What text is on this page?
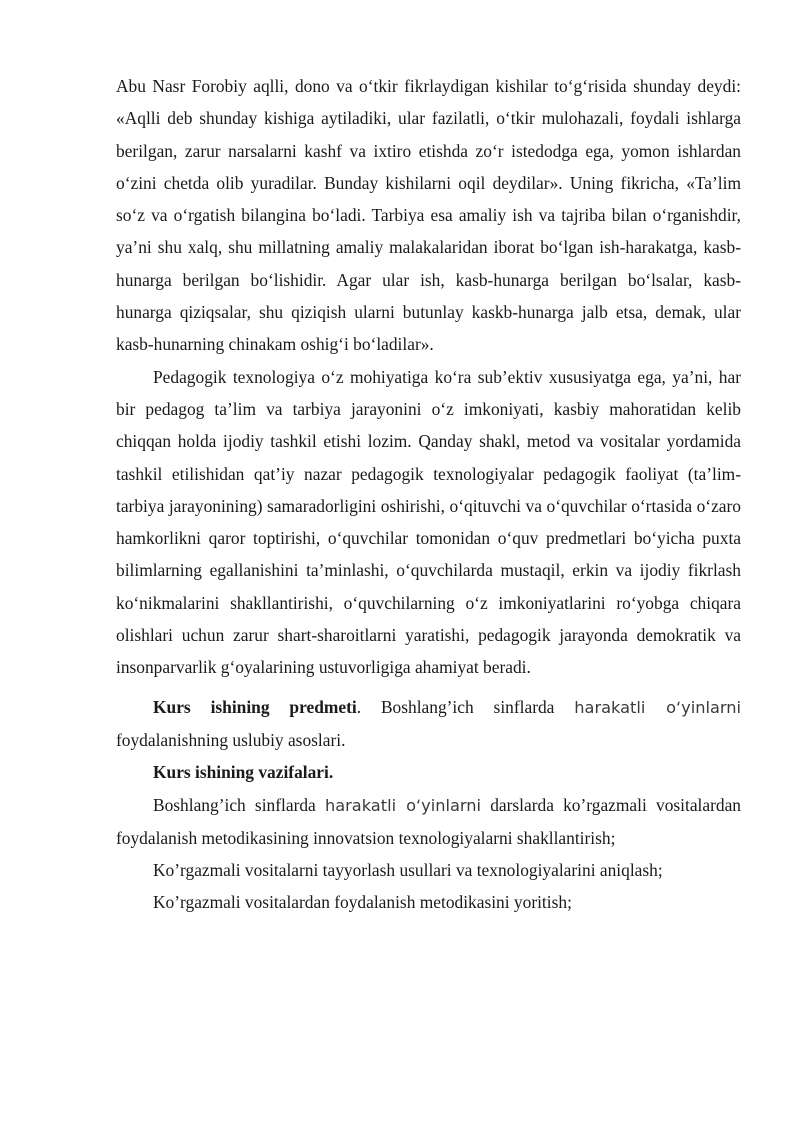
Abu Nasr Forobiy aqlli, dono va o‘tkir fikrlaydigan kishilar to‘g‘risida shunday deydi: «Aqlli deb shunday kishiga aytiladiki, ular fazilatli, o‘tkir mulohazali, foydali ishlarga berilgan, zarur narsalarni kashf va ixtiro etishda zo‘r istedodga ega, yomon ishlardan o‘zini chetda olib yuradilar. Bunday kishilarni oqil deydilar». Uning fikricha, «Ta’lim so‘z va o‘rgatish bilangina bo‘ladi. Tarbiya esa amaliy ish va tajriba bilan o‘rganishdir, ya’ni shu xalq, shu millatning amaliy malakalaridan iborat bo‘lgan ish-harakatga, kasb- hunarga berilgan bo‘lishidir. Agar ular ish, kasb-hunarga berilgan bo‘lsalar, kasb- hunarga qiziqsalar, shu qiziqish ularni butunlay kaskb-hunarga jalb etsa, demak, ular kasb-hunarning chinakam oshig‘i bo‘ladilar».

Pedagogik texnologiya o‘z mohiyatiga ko‘ra sub’ektiv xususiyatga ega, ya’ni, har bir pedagog ta’lim va tarbiya jarayonini o‘z imkoniyati, kasbiy mahoratidan kelib chiqqan holda ijodiy tashkil etishi lozim. Qanday shakl, metod va vositalar yordamida tashkil etilishidan qat’iy nazar pedagogik texnologiyalar pedagogik faoliyat (ta’lim-tarbiya jarayonining) samaradorligini oshirishi, o‘qituvchi va o‘quvchilar o‘rtasida o‘zaro hamkorlikni qaror toptirishi, o‘quvchilar tomonidan o‘quv predmetlari bo‘yicha puxta bilimlarning egallanishini ta’minlashi, o‘quvchilarda mustaqil, erkin va ijodiy fikrlash ko‘nikmalarini shakllantirishi, o‘quvchilarning o‘z imkoniyatlarini ro‘yobga chiqara olishlari uchun zarur shart-sharoitlarni yaratishi, pedagogik jarayonda demokratik va insonparvarlik g‘oyalarining ustuvorligiga ahamiyat beradi.

Kurs ishining predmeti. Boshlang’ich sinflarda harakatli o‘yinlarni foydalanishning uslubiy asoslari.

Kurs ishining vazifalari.

Boshlang’ich sinflarda harakatli o‘yinlarni darslarda ko’rgazmali vositalardan foydalanish metodikasining innovatsion texnologiyalarni shakllantirish;

Ko’rgazmali vositalarni tayyorlash usullari va texnologiyalarini aniqlash;

Ko’rgazmali vositalardan foydalanish metodikasini yoritish;
